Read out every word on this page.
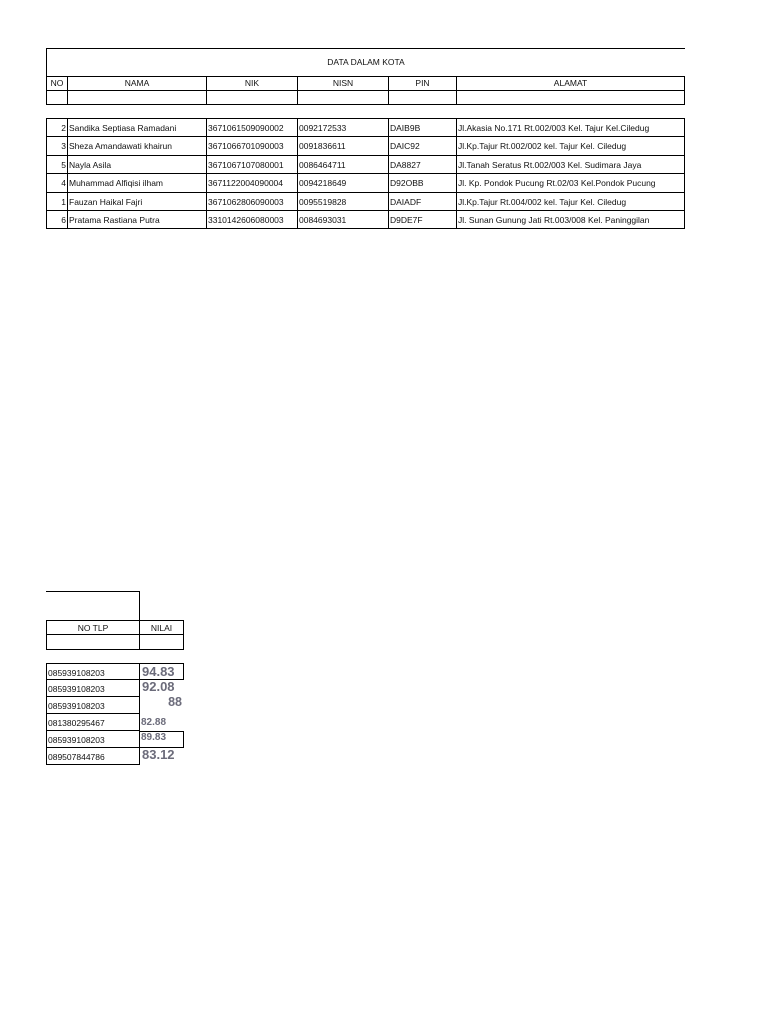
DATA DALAM KOTA
NO	NAMA	NIK	NISN	PIN	ALAMAT
2 Sandika Septiasa Ramadani	3671061509090002	0092172533	DAIB9B	Jl.Akasia No.171 Rt.002/003 Kel. Tajur Kel.Ciledug
3 Sheza Amandawati khairun	3671066701090003	0091836611	DAIC92	Jl.Kp.Tajur Rt.002/002 kel. Tajur Kel. Ciledug
5 Nayla Asila	3671067107080001	0086464711	DA8827	Jl.Tanah Seratus Rt.002/003 Kel. Sudimara Jaya
4 Muhammad Alfiqisi ilham	3671122004090004	0094218649	D92OBB	Jl. Kp. Pondok Pucung Rt.02/03 Kel.Pondok Pucung
1 Fauzan Haikal Fajri	3671062806090003	0095519828	DAIADF	Jl.Kp.Tajur Rt.004/002 kel. Tajur Kel. Ciledug
6 Pratama Rastiana Putra	3310142606080003	0084693031	D9DE7F	Jl. Sunan Gunung Jati Rt.003/008 Kel. Paninggilan
NO TLP	NILAI
085939108203	94.83
085939108203	92.08
085939108203	88
081380295467	82.88
085939108203	89.83
089507844786	83.12
